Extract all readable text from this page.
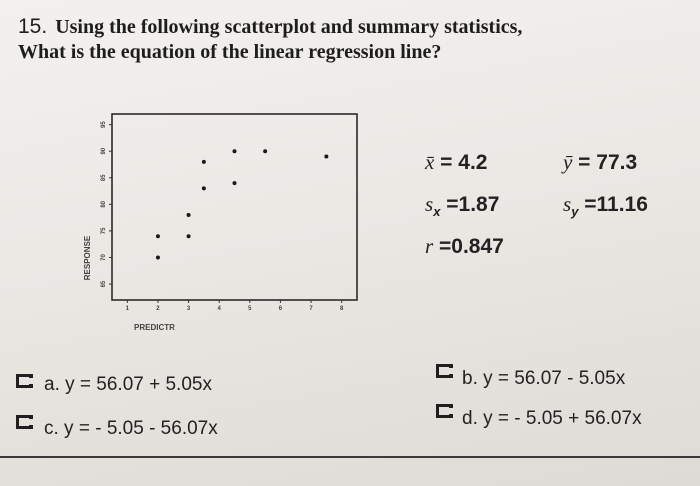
15. Using the following scatterplot and summary statistics,
What is the equation of the linear regression line?
65
70
75
80
85
90
95
1	2	3	4	5	6	7	8
PREDICTR
RESPONSE
x̄ = 4.2	ȳ = 77.3
$s_x =1.87$	$s_y =11.16$
r =0.847
a. y = 56.07 + 5.05x
c. y = - 5.05 - 56.07x
b. y = 56.07 - 5.05x
d. y = - 5.05 + 56.07x
